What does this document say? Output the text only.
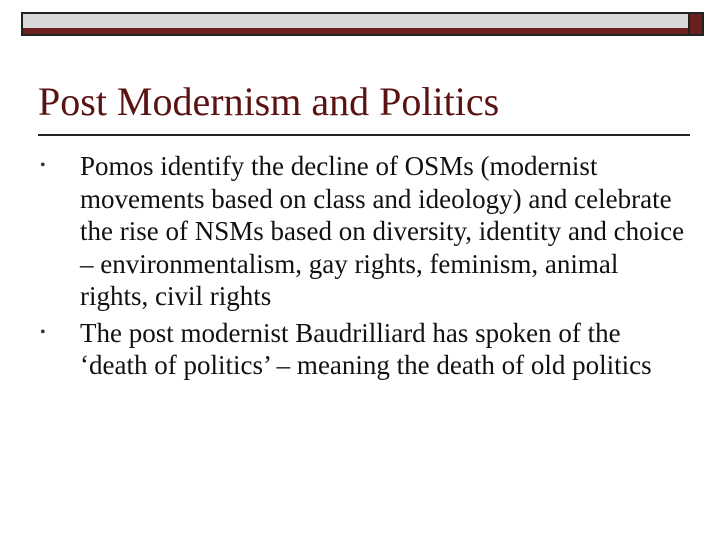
Post Modernism and Politics
• Pomos identify the decline of OSMs (modernist movements based on class and ideology) and celebrate the rise of NSMs based on diversity, identity and choice – environmentalism, gay rights, feminism, animal rights, civil rights
• The post modernist Baudrilliard has spoken of the ‘death of politics’ – meaning the death of old politics
